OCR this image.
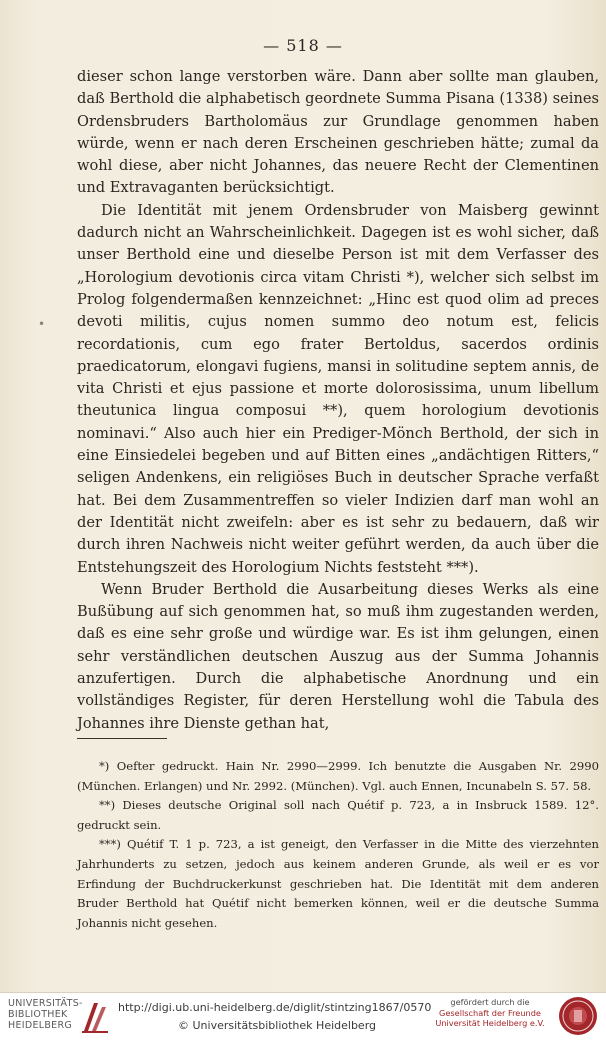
— 518 —
•

dieser schon lange verstorben wäre. Dann aber sollte man glauben, daß Berthold die alphabetisch geordnete Summa Pisana (1338) seines Ordensbruders Bartholomäus zur Grundlage genommen haben würde, wenn er nach deren Erscheinen geschrieben hätte; zumal da wohl diese, aber nicht Johannes, das neuere Recht der Clementinen und Extravaganten berücksichtigt.

Die Identität mit jenem Ordensbruder von Maisberg gewinnt dadurch nicht an Wahrscheinlichkeit. Dagegen ist es wohl sicher, daß unser Berthold eine und dieselbe Person ist mit dem Verfasser des „Horologium devotionis circa vitam Christi *), welcher sich selbst im Prolog folgendermaßen kennzeichnet: „Hinc est quod olim ad preces devoti militis, cujus nomen summo deo notum est, felicis recordationis, cum ego frater Bertoldus, sacerdos ordinis praedicatorum, elongavi fugiens, mansi in solitudine septem annis, de vita Christi et ejus passione et morte dolorosissima, unum libellum theutunica lingua composui **), quem horologium devotionis nominavi.“ Also auch hier ein Prediger-Mönch Berthold, der sich in eine Einsiedelei begeben und auf Bitten eines „andächtigen Ritters,“ seligen Andenkens, ein religiöses Buch in deutscher Sprache verfaßt hat. Bei dem Zusammentreffen so vieler Indizien darf man wohl an der Identität nicht zweifeln: aber es ist sehr zu bedauern, daß wir durch ihren Nachweis nicht weiter geführt werden, da auch über die Entstehungszeit des Horologium Nichts feststeht ***).

Wenn Bruder Berthold die Ausarbeitung dieses Werks als eine Bußübung auf sich genommen hat, so muß ihm zugestanden werden, daß es eine sehr große und würdige war. Es ist ihm gelungen, einen sehr verständlichen deutschen Auszug aus der Summa Johannis anzufertigen. Durch die alphabetische Anordnung und ein vollständiges Register, für deren Herstellung wohl die Tabula des Johannes ihre Dienste gethan hat,

*) Oefter gedruckt. Hain Nr. 2990—2999. Ich benutzte die Ausgaben Nr. 2990 (München. Erlangen) und Nr. 2992. (München). Vgl. auch Ennen, Incunabeln S. 57. 58.

**) Dieses deutsche Original soll nach Quétif p. 723, a in Insbruck 1589. 12°. gedruckt sein.

***) Quétif T. 1 p. 723, a ist geneigt, den Verfasser in die Mitte des vierzehnten Jahrhunderts zu setzen, jedoch aus keinem anderen Grunde, als weil er es vor Erfindung der Buchdruckerkunst geschrieben hat. Die Identität mit dem anderen Bruder Berthold hat Quétif nicht bemerken können, weil er die deutsche Summa Johannis nicht gesehen.

UNIVERSITÄTS-
BIBLIOTHEK
HEIDELBERG
http://digi.ub.uni-heidelberg.de/diglit/stintzing1867/0570
© Universitätsbibliothek Heidelberg
gefördert durch die
Gesellschaft der Freunde
Universität Heidelberg e.V.
